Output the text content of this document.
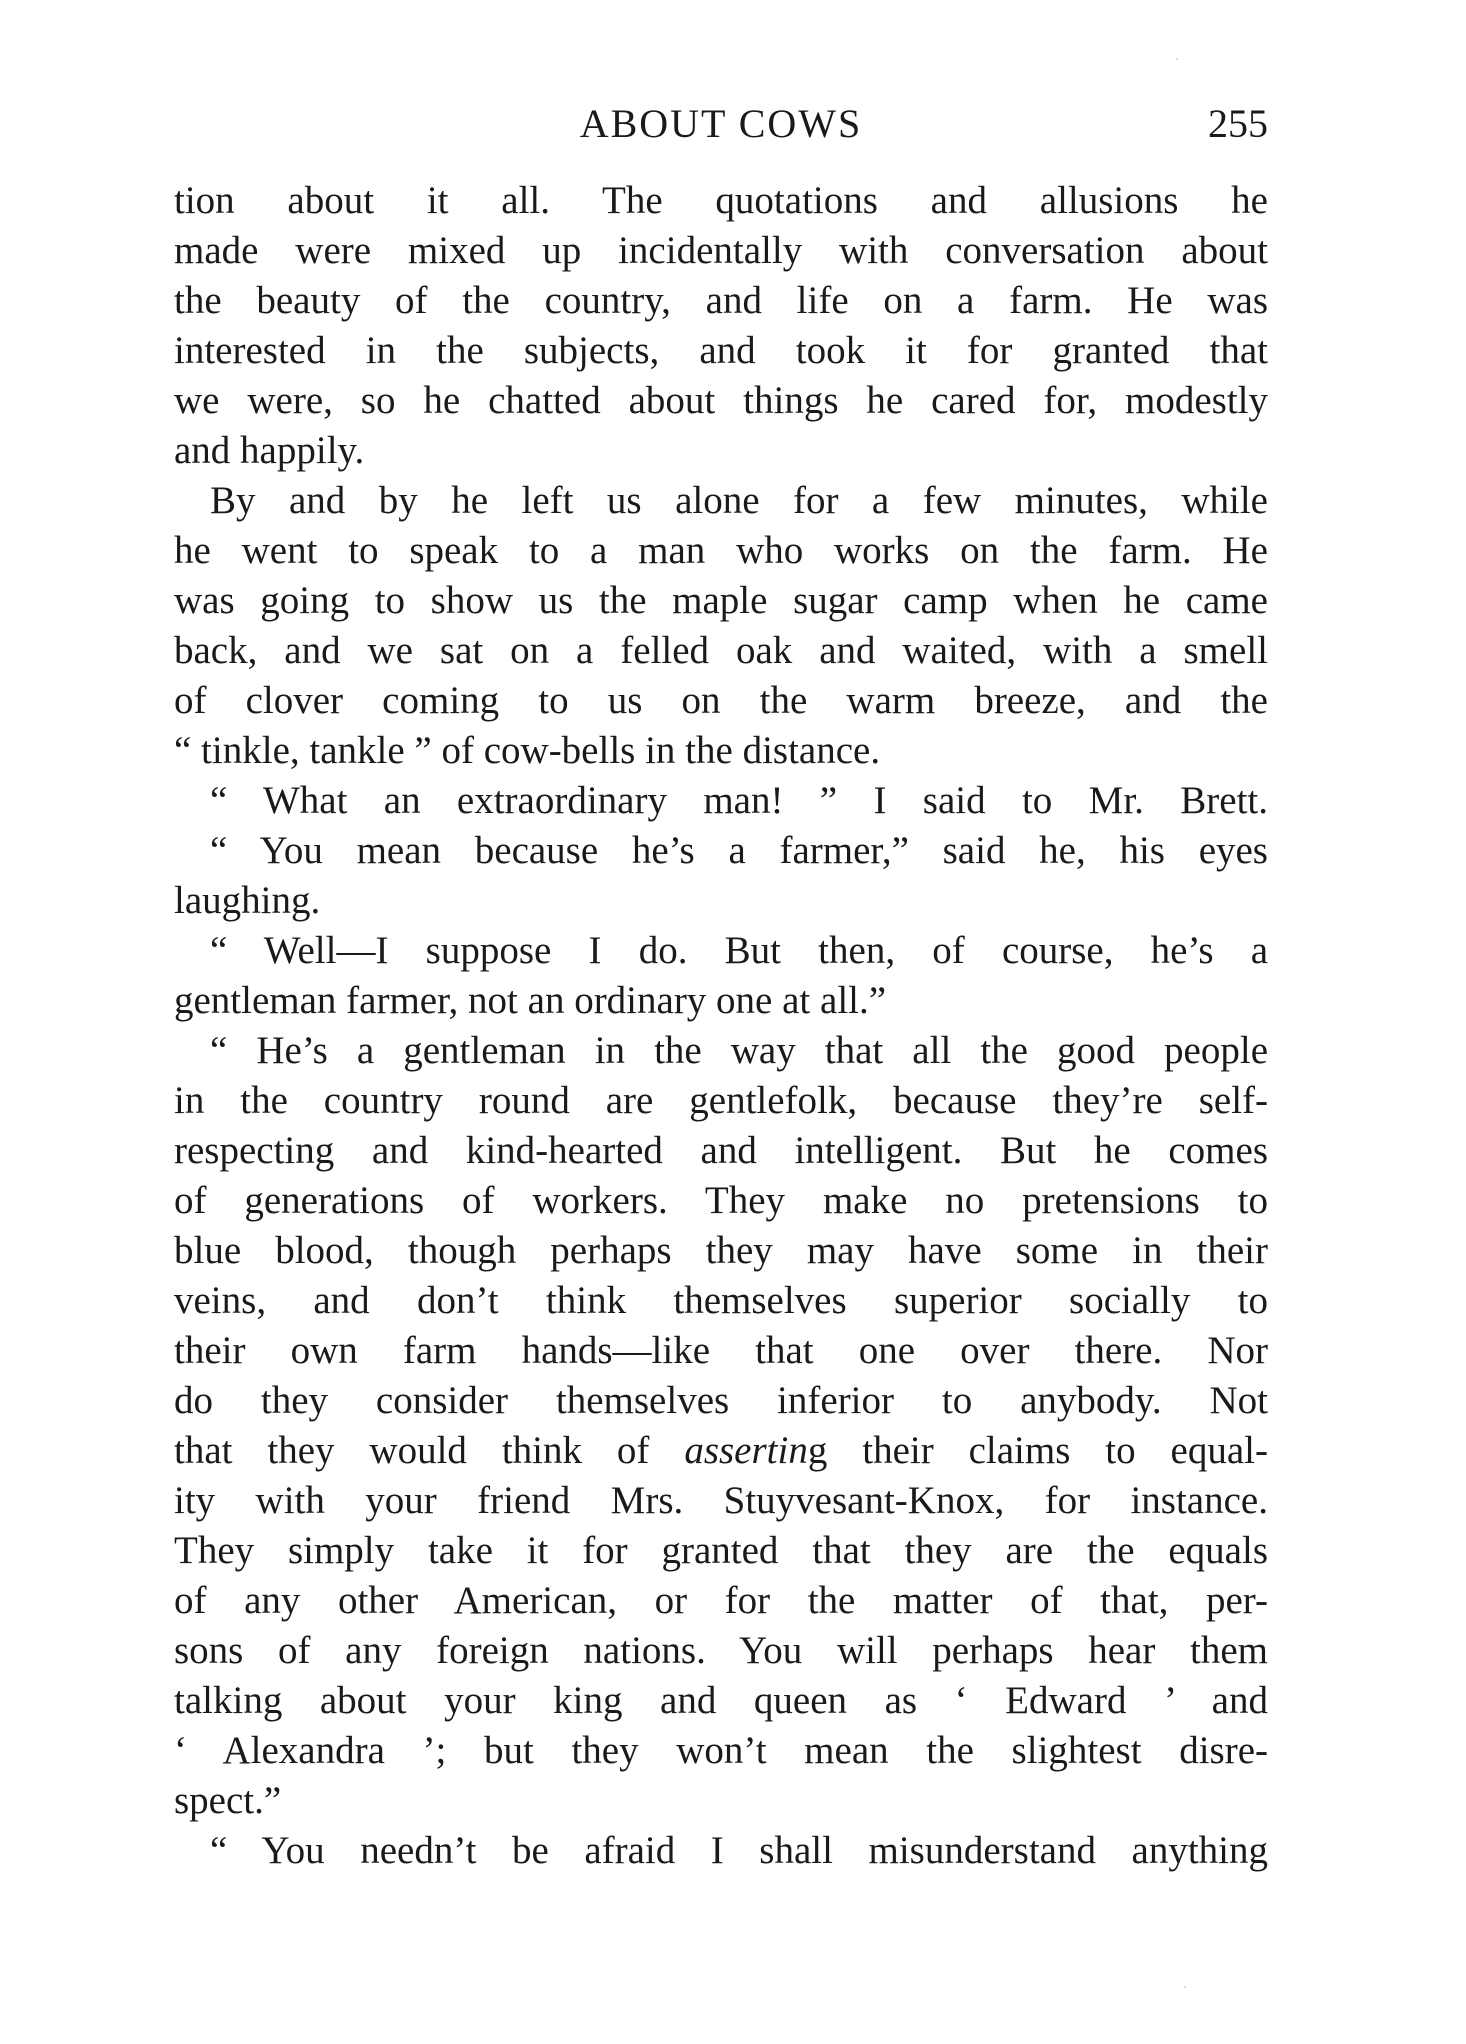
ABOUT COWS	255
tion about it all. The quotations and allusions he
made were mixed up incidentally with conversation about
the beauty of the country, and life on a farm. He was
interested in the subjects, and took it for granted that
we were, so he chatted about things he cared for, modestly
and happily.
By and by he left us alone for a few minutes, while
he went to speak to a man who works on the farm. He
was going to show us the maple sugar camp when he came
back, and we sat on a felled oak and waited, with a smell
of clover coming to us on the warm breeze, and the
“ tinkle, tankle ” of cow-bells in the distance.
“ What an extraordinary man! ” I said to Mr. Brett.
“ You mean because he’s a farmer,” said he, his eyes
laughing.
“ Well—I suppose I do. But then, of course, he’s a
gentleman farmer, not an ordinary one at all.”
“ He’s a gentleman in the way that all the good people
in the country round are gentlefolk, because they’re self-
respecting and kind-hearted and intelligent. But he comes
of generations of workers. They make no pretensions to
blue blood, though perhaps they may have some in their
veins, and don’t think themselves superior socially to
their own farm hands—like that one over there. Nor
do they consider themselves inferior to anybody. Not
that they would think of asserting their claims to equal-
ity with your friend Mrs. Stuyvesant-Knox, for instance.
They simply take it for granted that they are the equals
of any other American, or for the matter of that, per-
sons of any foreign nations. You will perhaps hear them
talking about your king and queen as ‘ Edward ’ and
‘ Alexandra ’; but they won’t mean the slightest disre-
spect.”
“ You needn’t be afraid I shall misunderstand anything
